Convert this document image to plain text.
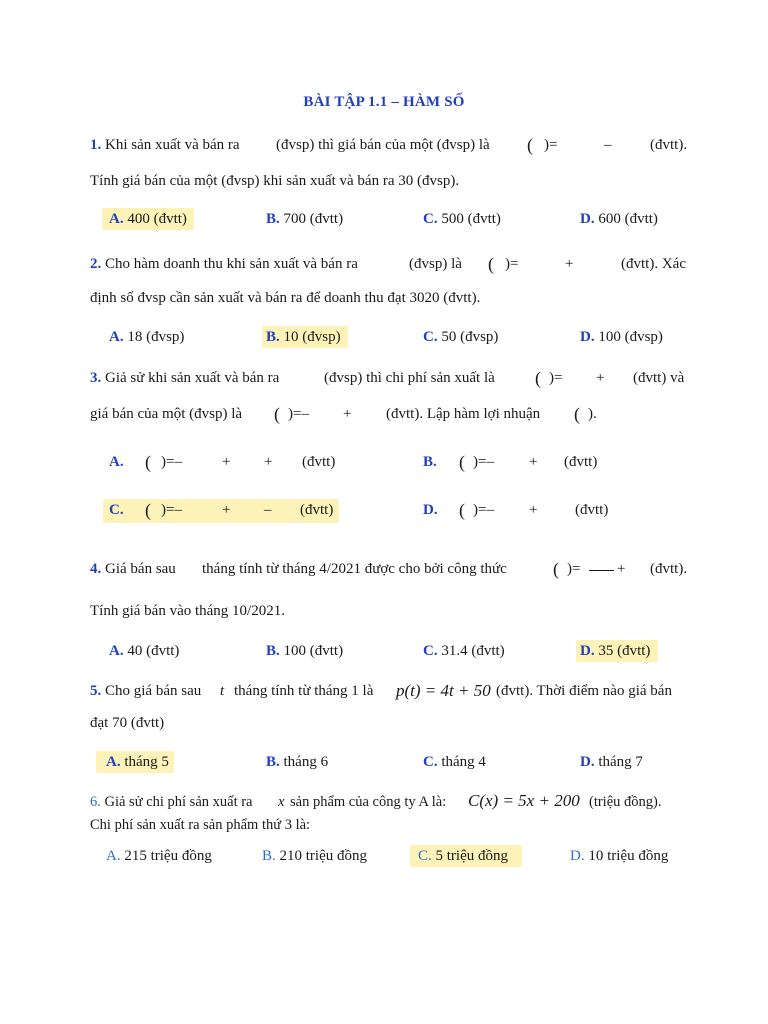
BÀI TẬP 1.1 – HÀM SỐ
1. Khi sản xuất và bán ra (đvsp) thì giá bán của một (đvsp) là ( )=	–	(đvtt).
Tính giá bán của một (đvsp) khi sản xuất và bán ra 30 (đvsp).
A. 400 (đvtt)	B. 700 (đvtt)	C. 500 (đvtt)	D. 600 (đvtt)
2. Cho hàm doanh thu khi sản xuất và bán ra	(đvsp) là ( )=	+	(đvtt). Xác
định số đvsp cần sản xuất và bán ra để doanh thu đạt 3020 (đvtt).
A. 18 (đvsp)	B. 10 (đvsp)	C. 50 (đvsp)	D. 100 (đvsp)
3. Giả sử khi sản xuất và bán ra	(đvsp) thì chi phí sản xuất là ( )= + (đvtt) và
giá bán của một (đvsp) là ( )=– + (đvtt). Lập hàm lợi nhuận ( ).
A. ( )=–	+ + (đvtt)	B. ( )=– + (đvtt)
C. ( )=–	+ – (đvtt)	D. ( )=– +	(đvtt)
4. Giá bán sau tháng tính từ tháng 4/2021 được cho bởi công thức	( )= + (đvtt).
Tính giá bán vào tháng 10/2021.
A. 40 (đvtt)	B. 100 (đvtt)	C. 31.4 (đvtt)	D. 35 (đvtt)
5. Cho giá bán sau t tháng tính từ tháng 1 là p(t) = 4t + 50 (đvtt). Thời điểm nào giá bán
đạt 70 (đvtt)
A. tháng 5	B. tháng 6	C. tháng 4	D. tháng 7
6. Giả sử chi phí sản xuất ra x sản phẩm của công ty A là: C(x) = 5x + 200 (triệu đồng).
Chi phí sản xuất ra sản phẩm thứ 3 là:
A. 215 triệu đồng	B. 210 triệu đồng	C. 5 triệu đồng	D. 10 triệu đồng
